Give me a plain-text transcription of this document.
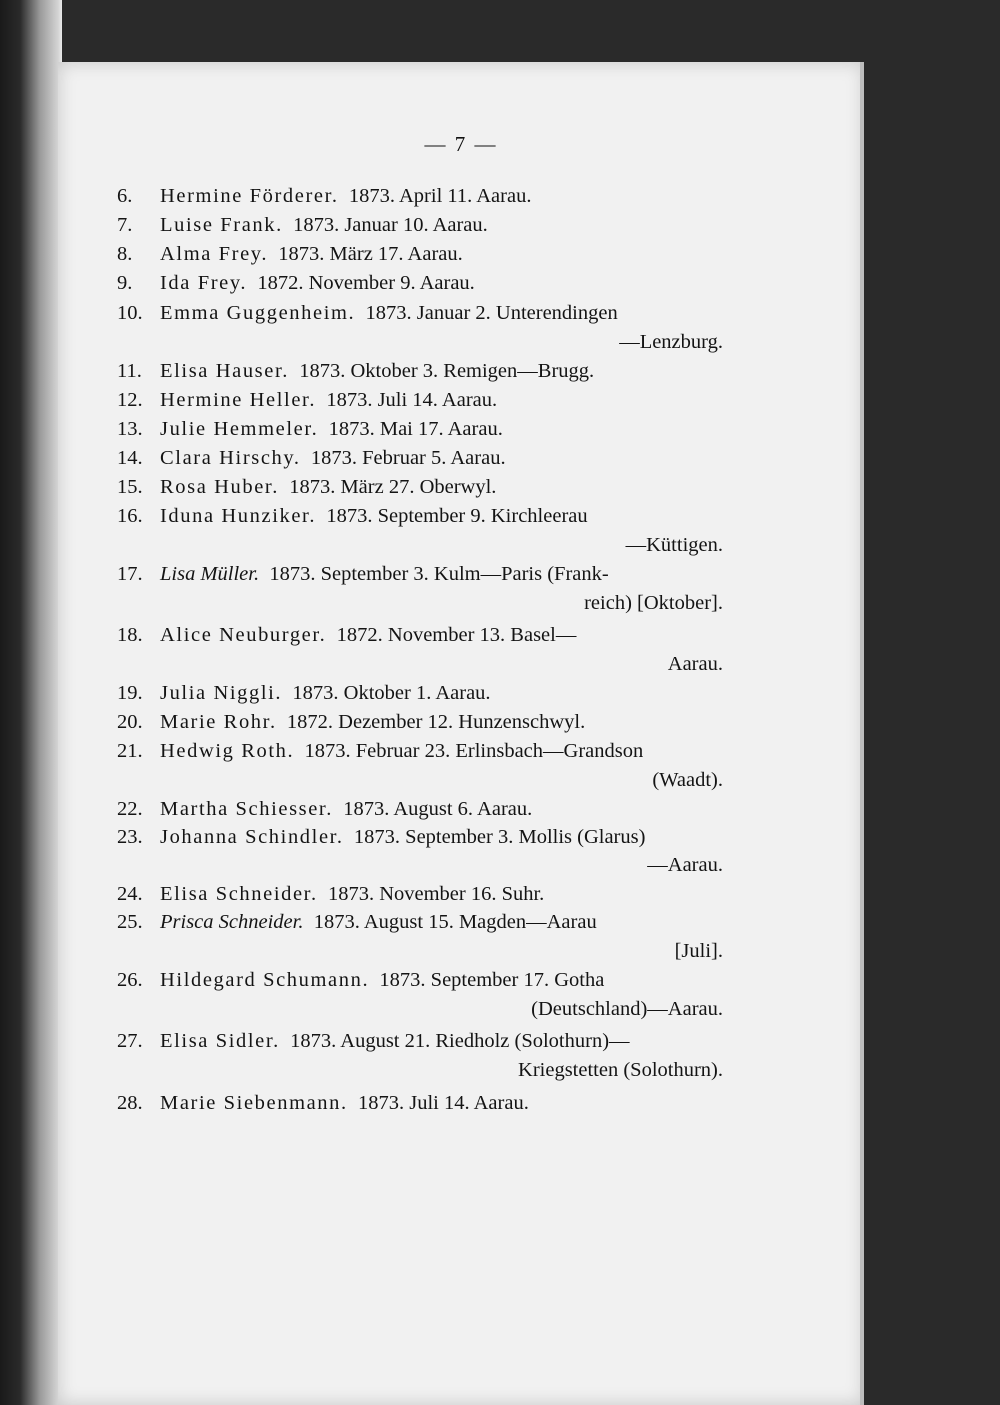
— 7 —
6. Hermine Förderer. 1873. April 11. Aarau.
7. Luise Frank. 1873. Januar 10. Aarau.
8. Alma Frey. 1873. März 17. Aarau.
9. Ida Frey. 1872. November 9. Aarau.
10. Emma Guggenheim. 1873. Januar 2. Unterendingen
—Lenzburg.
11. Elisa Hauser. 1873. Oktober 3. Remigen—Brugg.
12. Hermine Heller. 1873. Juli 14. Aarau.
13. Julie Hemmeler. 1873. Mai 17. Aarau.
14. Clara Hirschy. 1873. Februar 5. Aarau.
15. Rosa Huber. 1873. März 27. Oberwyl.
16. Iduna Hunziker. 1873. September 9. Kirchleerau
—Küttigen.
17. Lisa Müller. 1873. September 3. Kulm—Paris (Frank-
reich) [Oktober].
18. Alice Neuburger. 1872. November 13. Basel—
Aarau.
19. Julia Niggli. 1873. Oktober 1. Aarau.
20. Marie Rohr. 1872. Dezember 12. Hunzenschwyl.
21. Hedwig Roth. 1873. Februar 23. Erlinsbach—Grandson
(Waadt).
22. Martha Schiesser. 1873. August 6. Aarau.
23. Johanna Schindler. 1873. September 3. Mollis (Glarus)
—Aarau.
24. Elisa Schneider. 1873. November 16. Suhr.
25. Prisca Schneider. 1873. August 15. Magden—Aarau
[Juli].
26. Hildegard Schumann. 1873. September 17. Gotha
(Deutschland)—Aarau.
27. Elisa Sidler. 1873. August 21. Riedholz (Solothurn)—
Kriegstetten (Solothurn).
28. Marie Siebenmann. 1873. Juli 14. Aarau.
